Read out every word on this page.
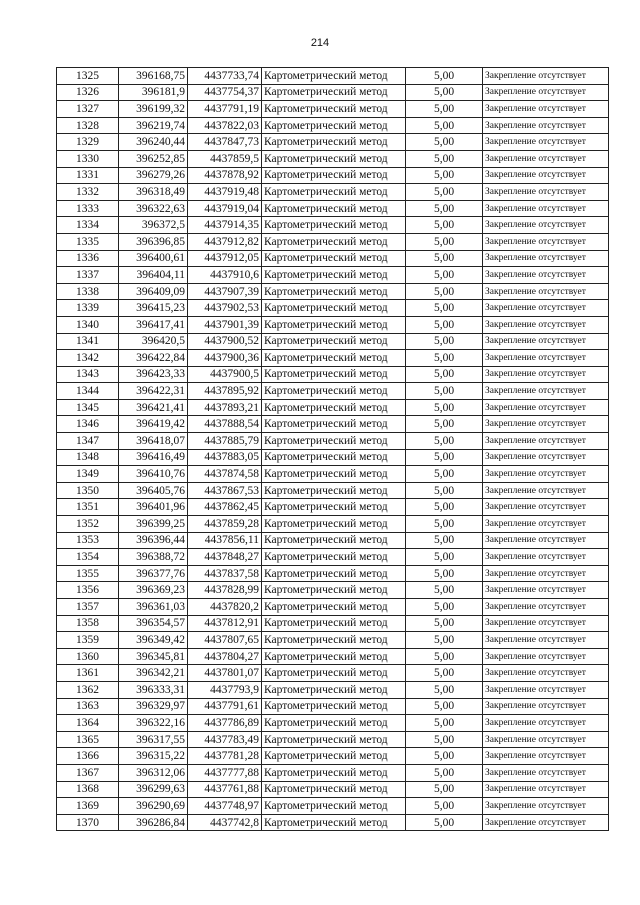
214
1325	396168,75	4437733,74	Картометрический метод	5,00	Закрепление отсутствует
1326	396181,9	4437754,37	Картометрический метод	5,00	Закрепление отсутствует
1327	396199,32	4437791,19	Картометрический метод	5,00	Закрепление отсутствует
1328	396219,74	4437822,03	Картометрический метод	5,00	Закрепление отсутствует
1329	396240,44	4437847,73	Картометрический метод	5,00	Закрепление отсутствует
1330	396252,85	4437859,5	Картометрический метод	5,00	Закрепление отсутствует
1331	396279,26	4437878,92	Картометрический метод	5,00	Закрепление отсутствует
1332	396318,49	4437919,48	Картометрический метод	5,00	Закрепление отсутствует
1333	396322,63	4437919,04	Картометрический метод	5,00	Закрепление отсутствует
1334	396372,5	4437914,35	Картометрический метод	5,00	Закрепление отсутствует
1335	396396,85	4437912,82	Картометрический метод	5,00	Закрепление отсутствует
1336	396400,61	4437912,05	Картометрический метод	5,00	Закрепление отсутствует
1337	396404,11	4437910,6	Картометрический метод	5,00	Закрепление отсутствует
1338	396409,09	4437907,39	Картометрический метод	5,00	Закрепление отсутствует
1339	396415,23	4437902,53	Картометрический метод	5,00	Закрепление отсутствует
1340	396417,41	4437901,39	Картометрический метод	5,00	Закрепление отсутствует
1341	396420,5	4437900,52	Картометрический метод	5,00	Закрепление отсутствует
1342	396422,84	4437900,36	Картометрический метод	5,00	Закрепление отсутствует
1343	396423,33	4437900,5	Картометрический метод	5,00	Закрепление отсутствует
1344	396422,31	4437895,92	Картометрический метод	5,00	Закрепление отсутствует
1345	396421,41	4437893,21	Картометрический метод	5,00	Закрепление отсутствует
1346	396419,42	4437888,54	Картометрический метод	5,00	Закрепление отсутствует
1347	396418,07	4437885,79	Картометрический метод	5,00	Закрепление отсутствует
1348	396416,49	4437883,05	Картометрический метод	5,00	Закрепление отсутствует
1349	396410,76	4437874,58	Картометрический метод	5,00	Закрепление отсутствует
1350	396405,76	4437867,53	Картометрический метод	5,00	Закрепление отсутствует
1351	396401,96	4437862,45	Картометрический метод	5,00	Закрепление отсутствует
1352	396399,25	4437859,28	Картометрический метод	5,00	Закрепление отсутствует
1353	396396,44	4437856,11	Картометрический метод	5,00	Закрепление отсутствует
1354	396388,72	4437848,27	Картометрический метод	5,00	Закрепление отсутствует
1355	396377,76	4437837,58	Картометрический метод	5,00	Закрепление отсутствует
1356	396369,23	4437828,99	Картометрический метод	5,00	Закрепление отсутствует
1357	396361,03	4437820,2	Картометрический метод	5,00	Закрепление отсутствует
1358	396354,57	4437812,91	Картометрический метод	5,00	Закрепление отсутствует
1359	396349,42	4437807,65	Картометрический метод	5,00	Закрепление отсутствует
1360	396345,81	4437804,27	Картометрический метод	5,00	Закрепление отсутствует
1361	396342,21	4437801,07	Картометрический метод	5,00	Закрепление отсутствует
1362	396333,31	4437793,9	Картометрический метод	5,00	Закрепление отсутствует
1363	396329,97	4437791,61	Картометрический метод	5,00	Закрепление отсутствует
1364	396322,16	4437786,89	Картометрический метод	5,00	Закрепление отсутствует
1365	396317,55	4437783,49	Картометрический метод	5,00	Закрепление отсутствует
1366	396315,22	4437781,28	Картометрический метод	5,00	Закрепление отсутствует
1367	396312,06	4437777,88	Картометрический метод	5,00	Закрепление отсутствует
1368	396299,63	4437761,88	Картометрический метод	5,00	Закрепление отсутствует
1369	396290,69	4437748,97	Картометрический метод	5,00	Закрепление отсутствует
1370	396286,84	4437742,8	Картометрический метод	5,00	Закрепление отсутствует
